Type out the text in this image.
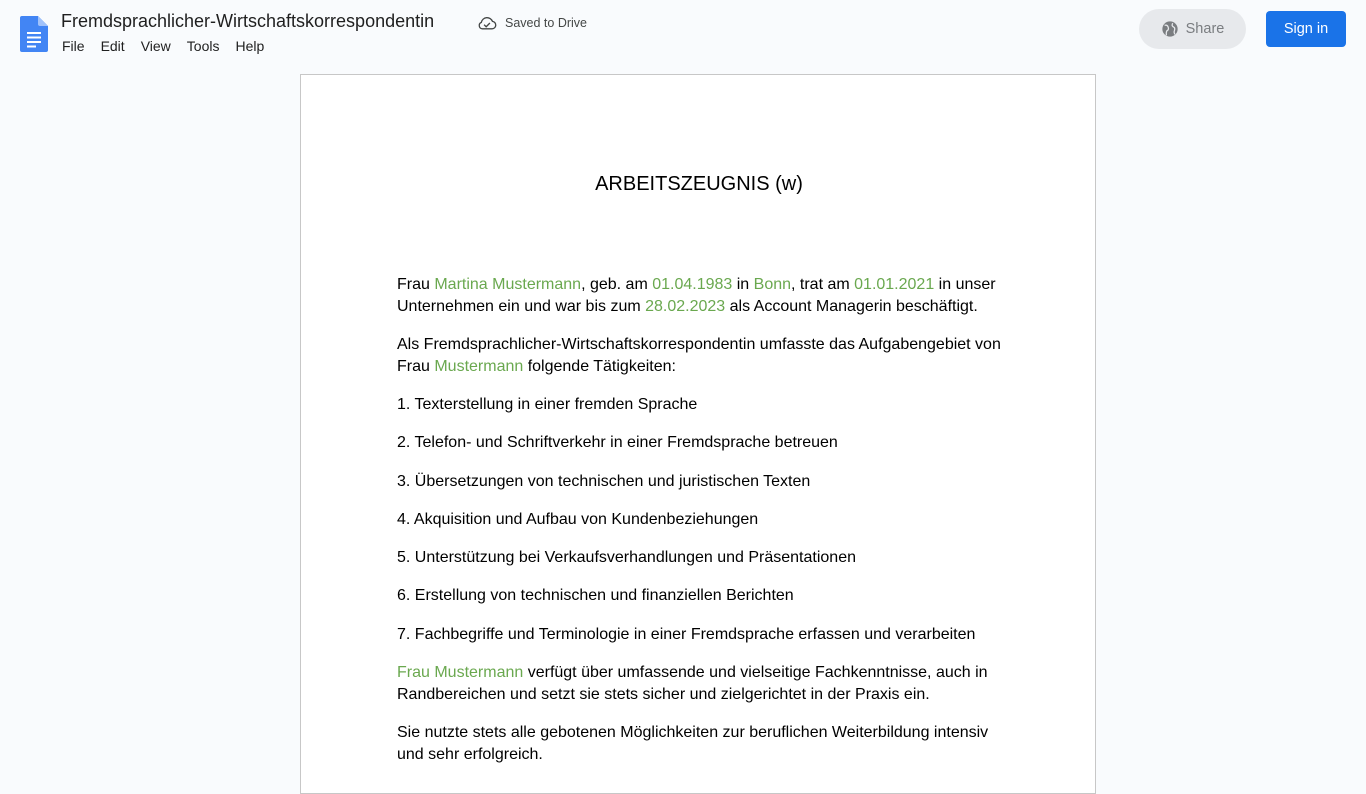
Fremdsprachlicher-Wirtschaftskorrespondentin	Saved to Drive
File	Edit	View	Tools	Help
Share	Sign in
ARBEITSZEUGNIS (w)
Frau Martina Mustermann, geb. am 01.04.1983 in Bonn, trat am 01.01.2021 in unser Unternehmen ein und war bis zum 28.02.2023 als Account Managerin beschäftigt.
Als Fremdsprachlicher-Wirtschaftskorrespondentin umfasste das Aufgabengebiet von Frau Mustermann folgende Tätigkeiten:
1. Texterstellung in einer fremden Sprache
2. Telefon- und Schriftverkehr in einer Fremdsprache betreuen
3. Übersetzungen von technischen und juristischen Texten
4. Akquisition und Aufbau von Kundenbeziehungen
5. Unterstützung bei Verkaufsverhandlungen und Präsentationen
6. Erstellung von technischen und finanziellen Berichten
7. Fachbegriffe und Terminologie in einer Fremdsprache erfassen und verarbeiten
Frau Mustermann verfügt über umfassende und vielseitige Fachkenntnisse, auch in Randbereichen und setzt sie stets sicher und zielgerichtet in der Praxis ein.
Sie nutzte stets alle gebotenen Möglichkeiten zur beruflichen Weiterbildung intensiv und sehr erfolgreich.
